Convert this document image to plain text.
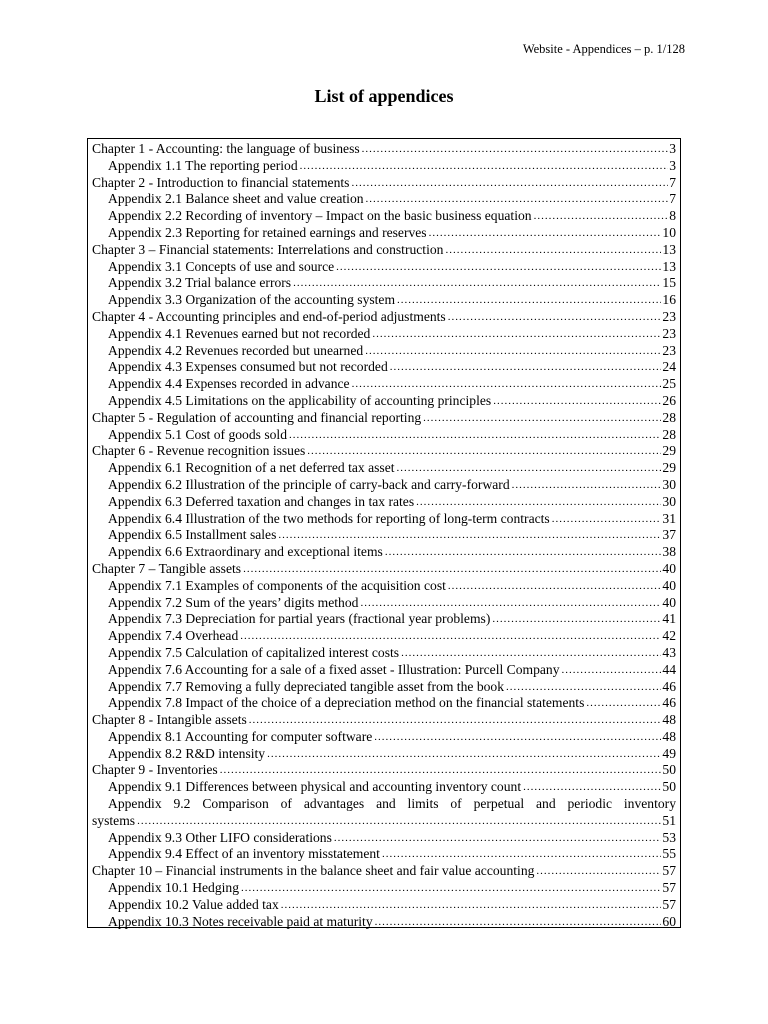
Website - Appendices – p. 1/128
List of appendices
Chapter 1 - Accounting: the language of business .....	3
Appendix 1.1 The reporting period .....	3
Chapter 2 - Introduction to financial statements .....	7
Appendix 2.1 Balance sheet and value creation .....	7
Appendix 2.2 Recording of inventory – Impact on the basic business equation .....	8
Appendix 2.3 Reporting for retained earnings and reserves .....	10
Chapter 3 – Financial statements: Interrelations and construction .....	13
Appendix 3.1 Concepts of use and source .....	13
Appendix 3.2 Trial balance errors .....	15
Appendix 3.3 Organization of the accounting system .....	16
Chapter 4 - Accounting principles and end-of-period adjustments .....	23
Appendix 4.1 Revenues earned but not recorded .....	23
Appendix 4.2 Revenues recorded but unearned .....	23
Appendix 4.3 Expenses consumed but not recorded .....	24
Appendix 4.4 Expenses recorded in advance .....	25
Appendix 4.5 Limitations on the applicability of accounting principles .....	26
Chapter 5 - Regulation of accounting and financial reporting .....	28
Appendix 5.1 Cost of goods sold .....	28
Chapter 6 - Revenue recognition issues .....	29
Appendix 6.1 Recognition of a net deferred tax asset .....	29
Appendix 6.2 Illustration of the principle of carry-back and carry-forward .....	30
Appendix 6.3 Deferred taxation and changes in tax rates .....	30
Appendix 6.4 Illustration of the two methods for reporting of long-term contracts .....	31
Appendix 6.5 Installment sales .....	37
Appendix 6.6 Extraordinary and exceptional items .....	38
Chapter 7 – Tangible assets .....	40
Appendix 7.1 Examples of components of the acquisition cost .....	40
Appendix 7.2 Sum of the years’ digits method .....	40
Appendix 7.3 Depreciation for partial years (fractional year problems) .....	41
Appendix 7.4 Overhead .....	42
Appendix 7.5 Calculation of capitalized interest costs .....	43
Appendix 7.6 Accounting for a sale of a fixed asset - Illustration: Purcell Company .....	44
Appendix 7.7 Removing a fully depreciated tangible asset from the book .....	46
Appendix 7.8 Impact of the choice of a depreciation method on the financial statements .....	46
Chapter 8 - Intangible assets .....	48
Appendix 8.1 Accounting for computer software .....	48
Appendix 8.2 R&D intensity .....	49
Chapter 9 - Inventories .....	50
Appendix 9.1 Differences between physical and accounting inventory count .....	50
Appendix 9.2 Comparison of advantages and limits of perpetual and periodic inventory
systems .....	51
Appendix 9.3 Other LIFO considerations .....	53
Appendix 9.4 Effect of an inventory misstatement .....	55
Chapter 10 – Financial instruments in the balance sheet and fair value accounting .....	57
Appendix 10.1 Hedging .....	57
Appendix 10.2 Value added tax .....	57
Appendix 10.3 Notes receivable paid at maturity .....	60
